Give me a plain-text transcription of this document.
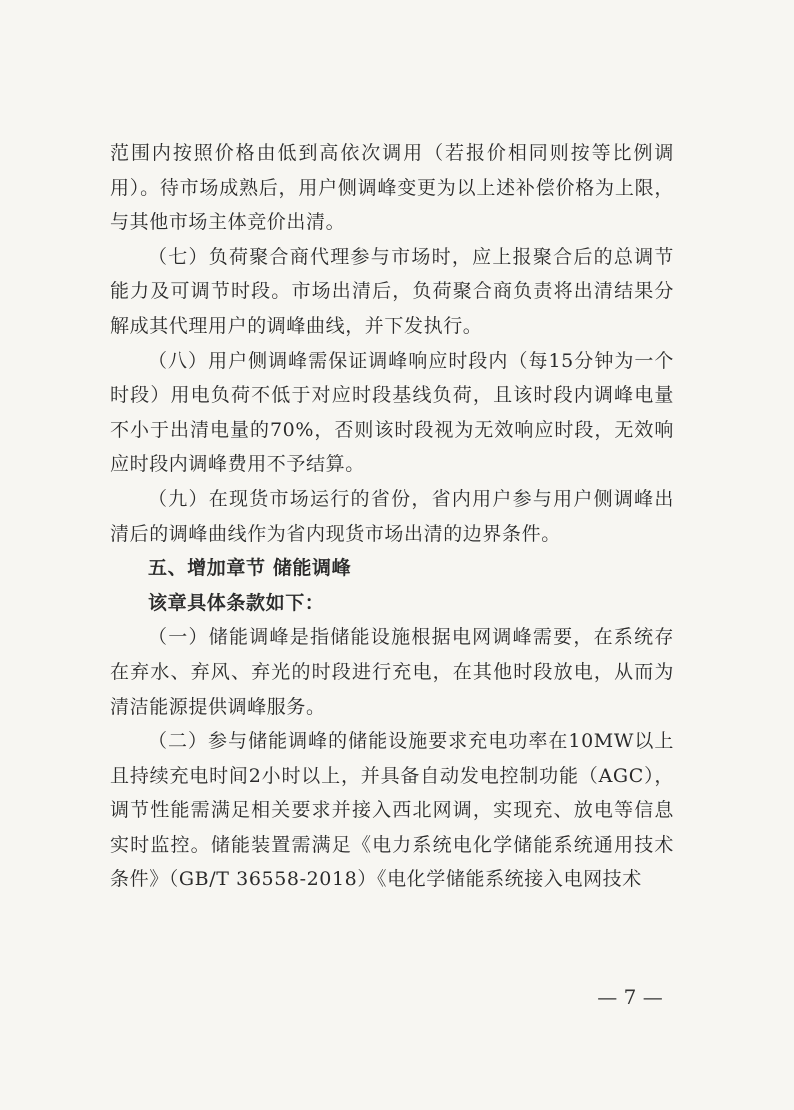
范围内按照价格由低到高依次调用（若报价相同则按等比例调用）。待市场成熟后，用户侧调峰变更为以上述补偿价格为上限，与其他市场主体竞价出清。

（七）负荷聚合商代理参与市场时，应上报聚合后的总调节能力及可调节时段。市场出清后，负荷聚合商负责将出清结果分解成其代理用户的调峰曲线，并下发执行。

（八）用户侧调峰需保证调峰响应时段内（每15分钟为一个时段）用电负荷不低于对应时段基线负荷，且该时段内调峰电量不小于出清电量的70%，否则该时段视为无效响应时段，无效响应时段内调峰费用不予结算。

（九）在现货市场运行的省份，省内用户参与用户侧调峰出清后的调峰曲线作为省内现货市场出清的边界条件。

五、增加章节 储能调峰

该章具体条款如下：

（一）储能调峰是指储能设施根据电网调峰需要，在系统存在弃水、弃风、弃光的时段进行充电，在其他时段放电，从而为清洁能源提供调峰服务。

（二）参与储能调峰的储能设施要求充电功率在10MW以上且持续充电时间2小时以上，并具备自动发电控制功能（AGC），调节性能需满足相关要求并接入西北网调，实现充、放电等信息实时监控。储能装置需满足《电力系统电化学储能系统通用技术条件》（GB/T 36558-2018）《电化学储能系统接入电网技术

— 7 —
